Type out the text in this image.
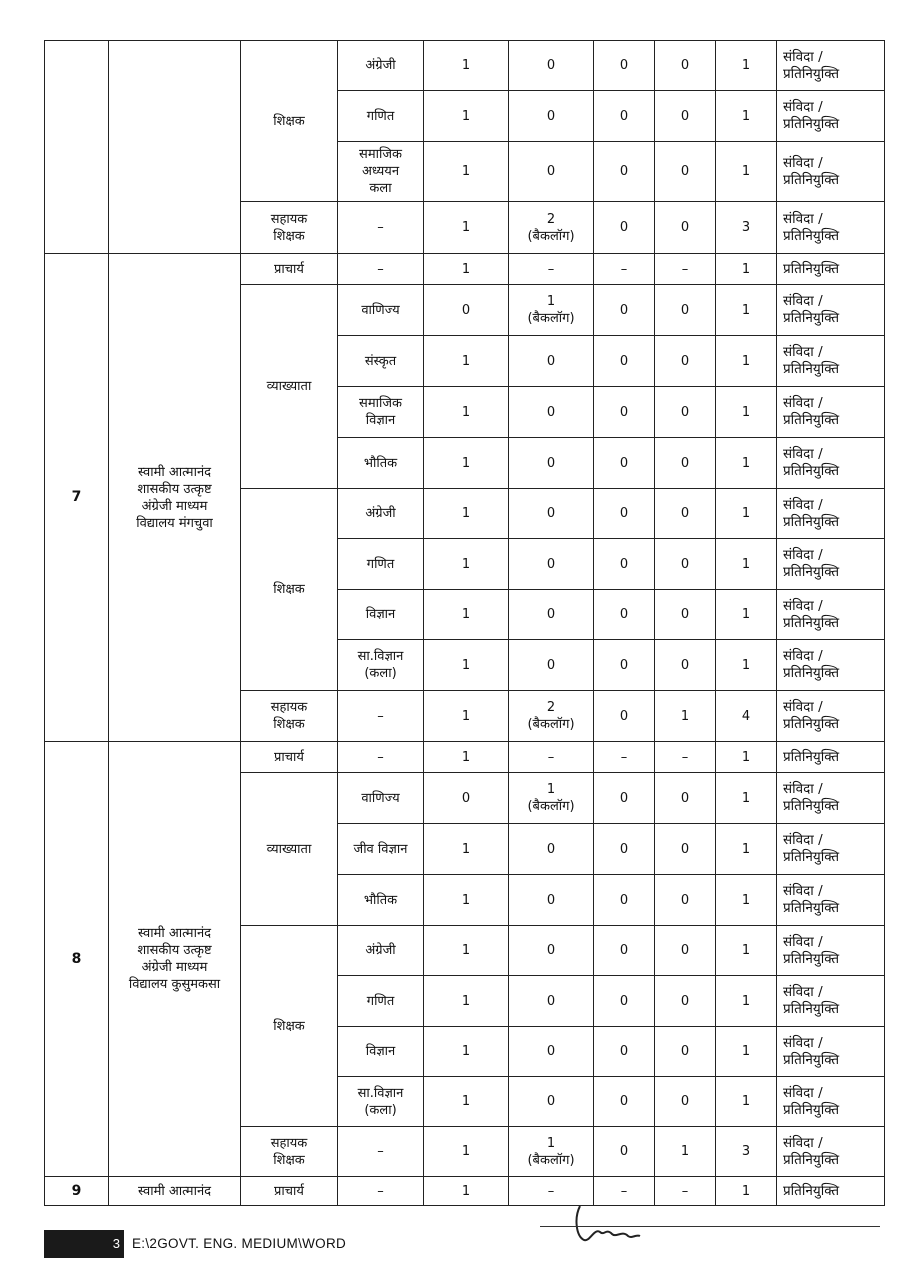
		शिक्षक	अंग्रेजी	1	0	0	0	1	संविदा /
प्रतिनियुक्ति
			गणित	1	0	0	0	1	संविदा /
प्रतिनियुक्ति
			समाजिक
अध्ययन
कला	1	0	0	0	1	संविदा /
प्रतिनियुक्ति
		सहायक
शिक्षक	–	1	2
(बैकलॉग)	0	0	3	संविदा /
प्रतिनियुक्ति
7	स्वामी आत्मानंद
शासकीय उत्कृष्ट
अंग्रेजी माध्यम
विद्यालय मंगचुवा	प्राचार्य	–	1	–	–	–	1	प्रतिनियुक्ति
		व्याख्याता	वाणिज्य	0	1
(बैकलॉग)	0	0	1	संविदा /
प्रतिनियुक्ति
			संस्कृत	1	0	0	0	1	संविदा /
प्रतिनियुक्ति
			समाजिक
विज्ञान	1	0	0	0	1	संविदा /
प्रतिनियुक्ति
			भौतिक	1	0	0	0	1	संविदा /
प्रतिनियुक्ति
		शिक्षक	अंग्रेजी	1	0	0	0	1	संविदा /
प्रतिनियुक्ति
			गणित	1	0	0	0	1	संविदा /
प्रतिनियुक्ति
			विज्ञान	1	0	0	0	1	संविदा /
प्रतिनियुक्ति
			सा.विज्ञान
(कला)	1	0	0	0	1	संविदा /
प्रतिनियुक्ति
		सहायक
शिक्षक	–	1	2
(बैकलॉग)	0	1	4	संविदा /
प्रतिनियुक्ति
8	स्वामी आत्मानंद
शासकीय उत्कृष्ट
अंग्रेजी माध्यम
विद्यालय कुसुमकसा	प्राचार्य	–	1	–	–	–	1	प्रतिनियुक्ति
		व्याख्याता	वाणिज्य	0	1
(बैकलॉग)	0	0	1	संविदा /
प्रतिनियुक्ति
			जीव विज्ञान	1	0	0	0	1	संविदा /
प्रतिनियुक्ति
			भौतिक	1	0	0	0	1	संविदा /
प्रतिनियुक्ति
		शिक्षक	अंग्रेजी	1	0	0	0	1	संविदा /
प्रतिनियुक्ति
			गणित	1	0	0	0	1	संविदा /
प्रतिनियुक्ति
			विज्ञान	1	0	0	0	1	संविदा /
प्रतिनियुक्ति
			सा.विज्ञान
(कला)	1	0	0	0	1	संविदा /
प्रतिनियुक्ति
		सहायक
शिक्षक	–	1	1
(बैकलॉग)	0	1	3	संविदा /
प्रतिनियुक्ति
9	स्वामी आत्मानंद	प्राचार्य	–	1	–	–	–	1	प्रतिनियुक्ति
3 E:\2GOVT. ENG. MEDIUM\WORD
